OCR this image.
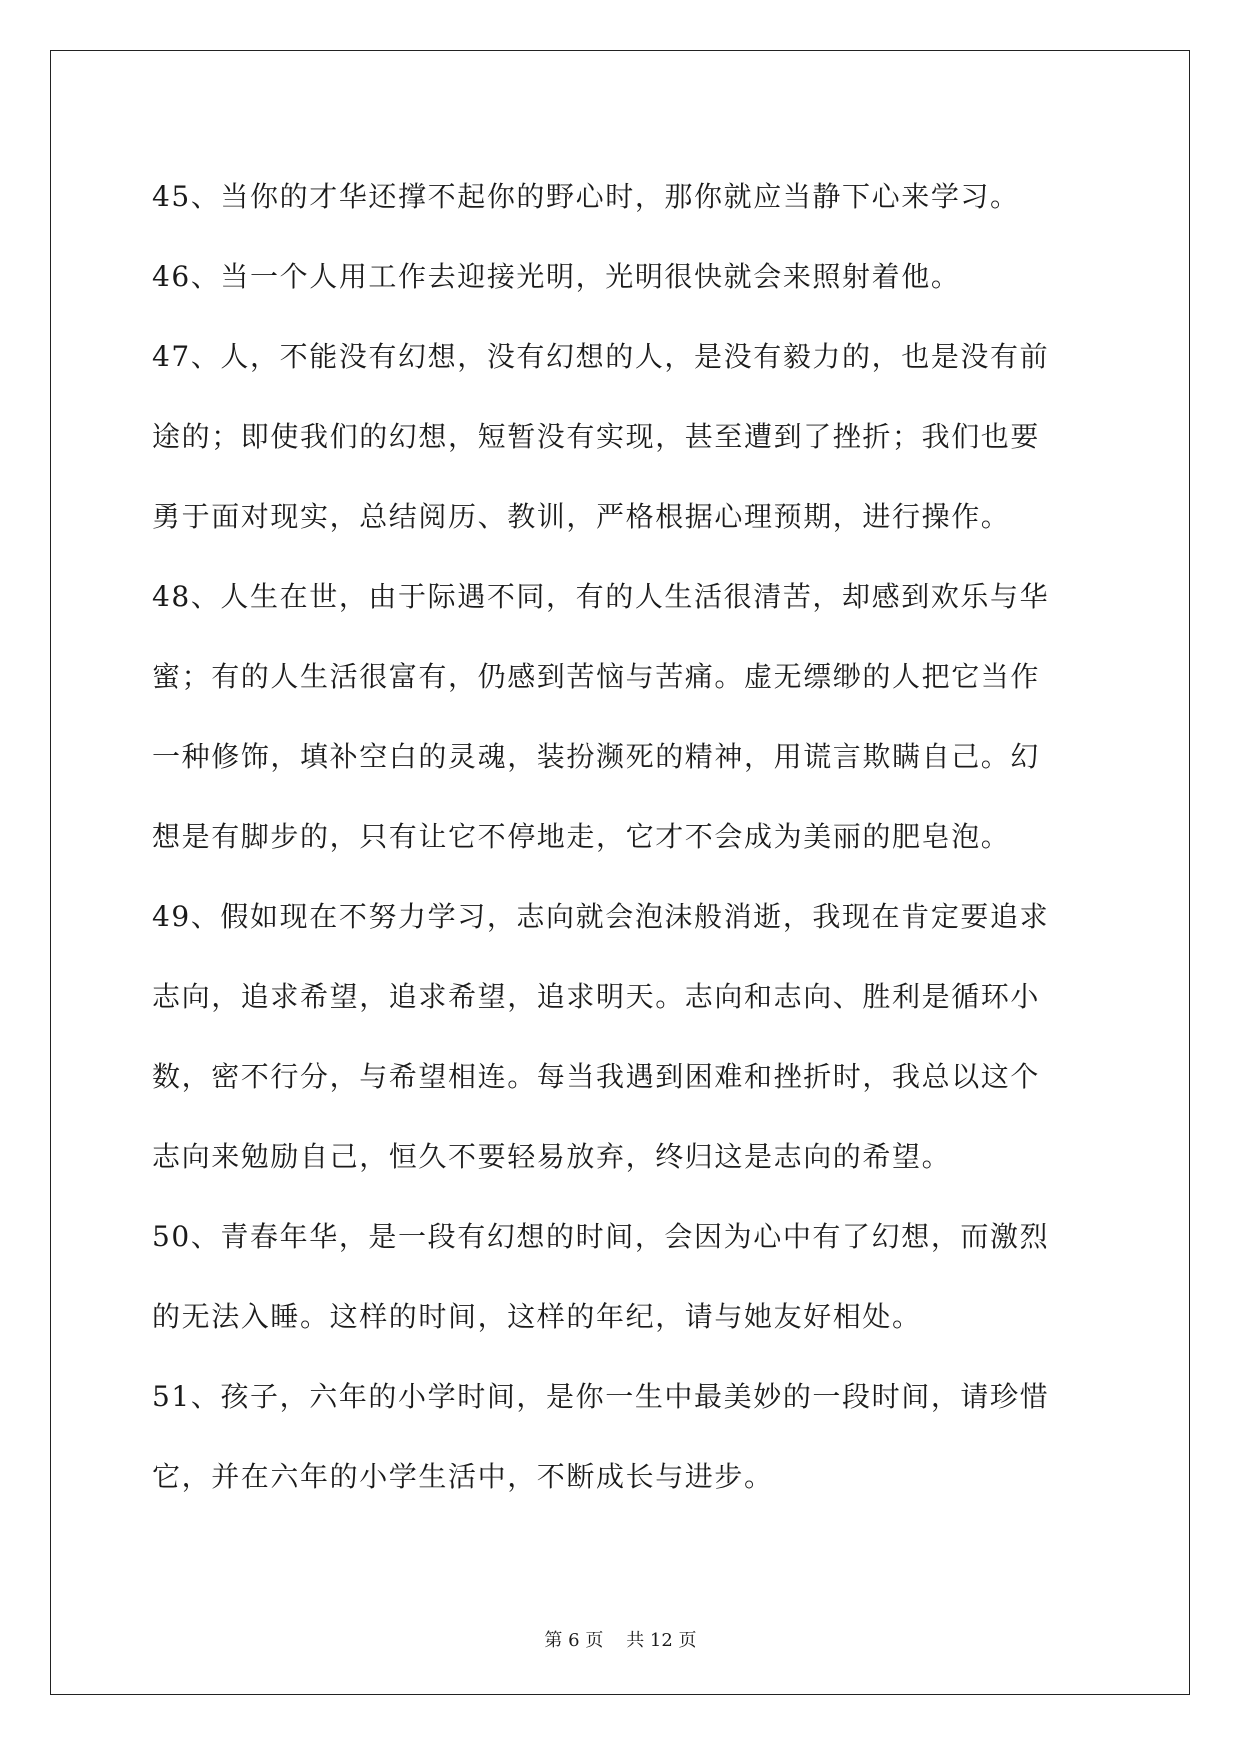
45、当你的才华还撑不起你的野心时，那你就应当静下心来学习。
46、当一个人用工作去迎接光明，光明很快就会来照射着他。
47、人，不能没有幻想，没有幻想的人，是没有毅力的，也是没有前
途的；即使我们的幻想，短暂没有实现，甚至遭到了挫折；我们也要
勇于面对现实，总结阅历、教训，严格根据心理预期，进行操作。
48、人生在世，由于际遇不同，有的人生活很清苦，却感到欢乐与华
蜜；有的人生活很富有，仍感到苦恼与苦痛。虚无缥缈的人把它当作
一种修饰，填补空白的灵魂，装扮濒死的精神，用谎言欺瞒自己。幻
想是有脚步的，只有让它不停地走，它才不会成为美丽的肥皂泡。
49、假如现在不努力学习，志向就会泡沫般消逝，我现在肯定要追求
志向，追求希望，追求希望，追求明天。志向和志向、胜利是循环小
数，密不行分，与希望相连。每当我遇到困难和挫折时，我总以这个
志向来勉励自己，恒久不要轻易放弃，终归这是志向的希望。
50、青春年华，是一段有幻想的时间，会因为心中有了幻想，而激烈
的无法入睡。这样的时间，这样的年纪，请与她友好相处。
51、孩子，六年的小学时间，是你一生中最美妙的一段时间，请珍惜
它，并在六年的小学生活中，不断成长与进步。
第 6 页    共 12 页
